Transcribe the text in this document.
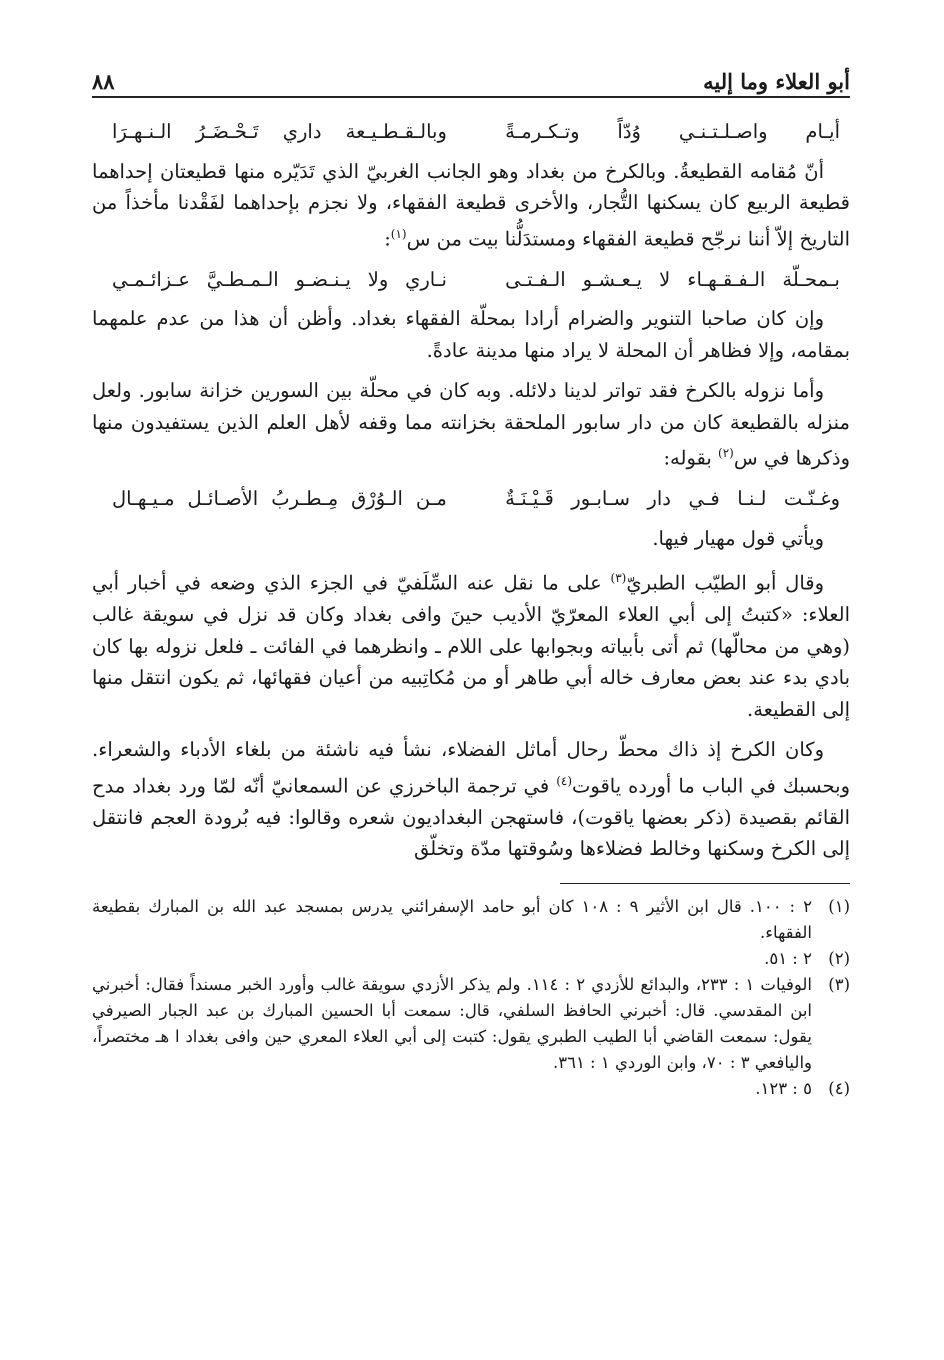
أبو العلاء وما إليه
٨٨
أيـام واصـلـتـنـي وُدّاً وتـكـرمـةً
وبالـقـطـيـعة داري تَـحْـضَـرُ الـنـهـرَا

أنّ مُقامه القطيعةُ. وبالكرخ من بغداد وهو الجانب الغربيّ الذي تَدَيّره منها قطيعتان إحداهما قطيعة الربيع كان يسكنها التُّجار، والأخرى قطيعة الفقهاء، ولا نجزم بإحداهما لفَقْدنا مأخذاً من التاريخ إلاّ أننا نرجّح قطيعة الفقهاء ومستدَلُّنا بيت من س$^{(١)}$:

بـمحـلّة الـفـقـهـاء لا يـعـشـو الـفـتـى
نـاري ولا يـنـضـو الـمـطـيَّ عـزائـمـي

وإن كان صاحبا التنوير والضرام أرادا بمحلّة الفقهاء بغداد. وأظن أن هذا من عدم علمهما بمقامه، وإلا فظاهر أن المحلة لا يراد منها مدينة عادةً.

وأما نزوله بالكرخ فقد تواتر لدينا دلائله. وبه كان في محلّة بين السورين خزانة سابور. ولعل منزله بالقطيعة كان من دار سابور الملحقة بخزانته مما وقفه لأهل العلم الذين يستفيدون منها وذكرها في س$^{(٢)}$ بقوله:

وغـنّـت لـنـا فـي دار سـابـور قَـيْـنَـةٌ
مـن الـوُرْق مِـطـربُ الأصـائـل مـيـهـال

ويأتي قول مهيار فيها.

وقال أبو الطيّب الطبريّ$^{(٣)}$ على ما نقل عنه السِّلَفيّ في الجزء الذي وضعه في أخبار أبي العلاء: «كتبتُ إلى أبي العلاء المعرّيّ الأديب حينَ وافى بغداد وكان قد نزل في سويقة غالب (وهي من محالّها) ثم أتى بأبياته وبجوابها على اللام ـ وانظرهما في الفائت ـ فلعل نزوله بها كان بادي بدء عند بعض معارف خاله أبي طاهر أو من مُكاتِبيه من أعيان فقهائها، ثم يكون انتقل منها إلى القطيعة.

وكان الكرخ إذ ذاك محطّ رحال أماثل الفضلاء، نشأ فيه ناشئة من بلغاء الأدباء والشعراء. وبحسبك في الباب ما أورده ياقوت$^{(٤)}$ في ترجمة الباخرزي عن السمعانيّ أنّه لمّا ورد بغداد مدح القائم بقصيدة (ذكر بعضها ياقوت)، فاستهجن البغداديون شعره وقالوا: فيه بُرودة العجم فانتقل إلى الكرخ وسكنها وخالط فضلاءها وسُوقتها مدّة وتخلّق

(١)
٢ : ١٠٠. قال ابن الأثير ٩ : ١٠٨ كان أبو حامد الإسفرائني يدرس بمسجد عبد الله بن المبارك بقطيعة الفقهاء.
(٢)
٢ : ٥١.
(٣)
الوفيات ١ : ٢٣٣، والبدائع للأزدي ٢ : ١١٤. ولم يذكر الأزدي سويقة غالب وأورد الخبر مسنداً فقال: أخبرني ابن المقدسي. قال: أخبرني الحافظ السلفي، قال: سمعت أبا الحسين المبارك بن عبد الجبار الصيرفي يقول: سمعت القاضي أبا الطيب الطبري يقول: كتبت إلى أبي العلاء المعري حين وافى بغداد ا هـ مختصراً، واليافعي ٣ : ٧٠، وابن الوردي ١ : ٣٦١.
(٤)
٥ : ١٢٣.
